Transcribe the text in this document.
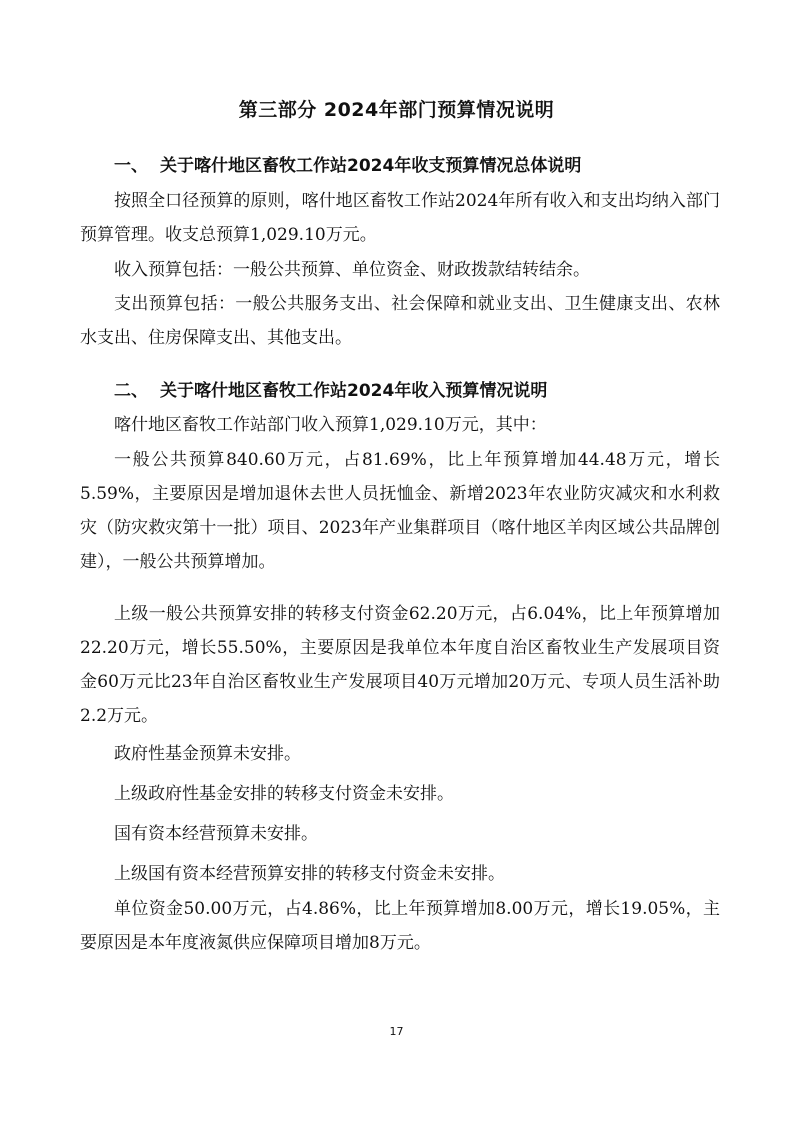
第三部分 2024年部门预算情况说明
一、 关于喀什地区畜牧工作站2024年收支预算情况总体说明

按照全口径预算的原则，喀什地区畜牧工作站2024年所有收入和支出均纳入部门预算管理。收支总预算1,029.10万元。

收入预算包括：一般公共预算、单位资金、财政拨款结转结余。

支出预算包括：一般公共服务支出、社会保障和就业支出、卫生健康支出、农林水支出、住房保障支出、其他支出。

二、 关于喀什地区畜牧工作站2024年收入预算情况说明

喀什地区畜牧工作站部门收入预算1,029.10万元，其中：

一般公共预算840.60万元，占81.69%，比上年预算增加44.48万元，增长5.59%，主要原因是增加退休去世人员抚恤金、新增2023年农业防灾减灾和水利救灾（防灾救灾第十一批）项目、2023年产业集群项目（喀什地区羊肉区域公共品牌创建），一般公共预算增加。

上级一般公共预算安排的转移支付资金62.20万元，占6.04%，比上年预算增加22.20万元，增长55.50%，主要原因是我单位本年度自治区畜牧业生产发展项目资金60万元比23年自治区畜牧业生产发展项目40万元增加20万元、专项人员生活补助2.2万元。

政府性基金预算未安排。

上级政府性基金安排的转移支付资金未安排。

国有资本经营预算未安排。

上级国有资本经营预算安排的转移支付资金未安排。

单位资金50.00万元，占4.86%，比上年预算增加8.00万元，增长19.05%，主要原因是本年度液氮供应保障项目增加8万元。

17
